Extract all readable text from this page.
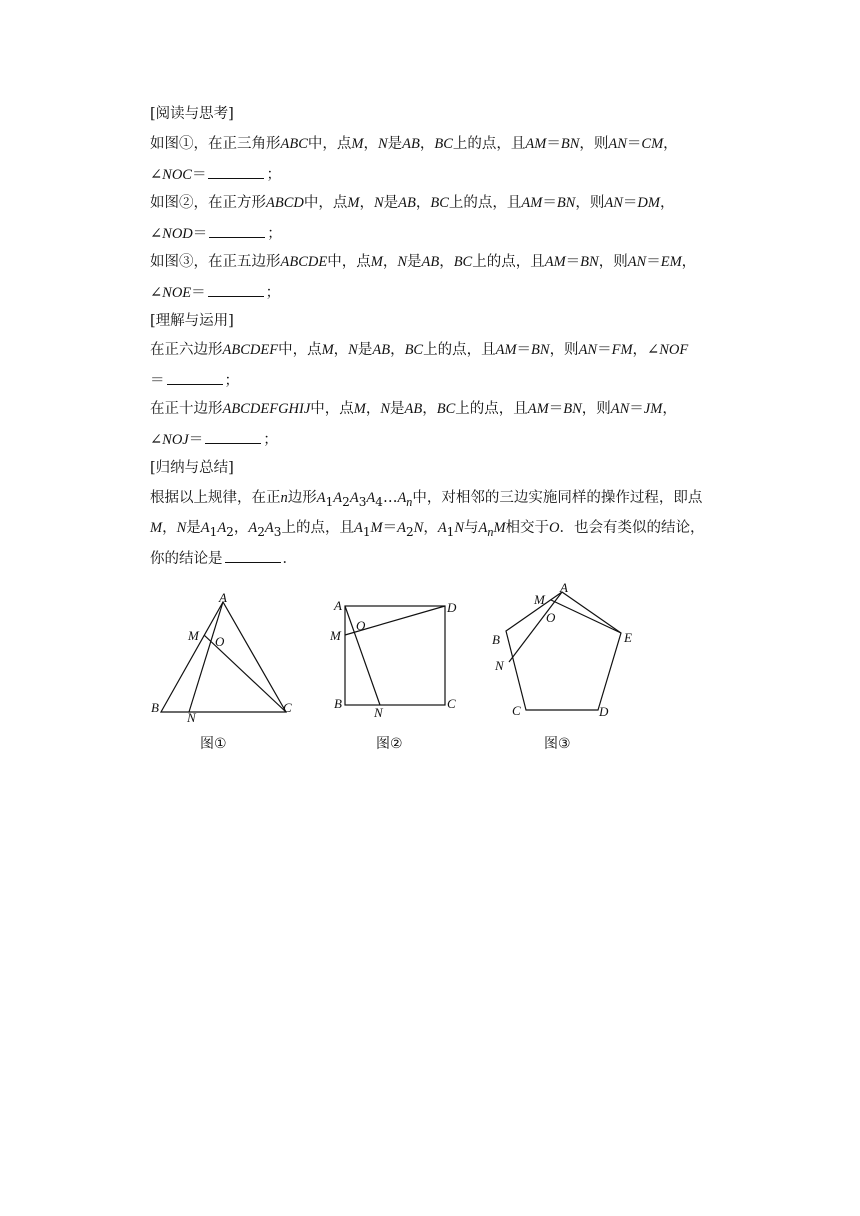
[阅读与思考]
如图①，在正三角形ABC中，点M，N是AB，BC上的点，且AM＝BN，则AN＝CM，
∠NOC＝	；
如图②，在正方形ABCD中，点M，N是AB，BC上的点，且AM＝BN，则AN＝DM，
∠NOD＝	；
如图③，在正五边形ABCDE中，点M，N是AB，BC上的点，且AM＝BN，则AN＝EM，
∠NOE＝	；
[理解与运用]
在正六边形ABCDEF中，点M，N是AB，BC上的点，且AM＝BN，则AN＝FM，∠NOF
＝	；
在正十边形ABCDEFGHIJ中，点M，N是AB，BC上的点，且AM＝BN，则AN＝JM，
∠NOJ＝	；
[归纳与总结]
根据以上规律，在正n边形$A_1A_2A_3A_4\dots A_n$中，对相邻的三边实施同样的操作过程，即点
M，N是$A_1A_2$，$A_2A_3$上的点，且$A_1M=A_2N$，$A_1N$与$A_nM$相交于O．也会有类似的结论，
你的结论是	．
A
M O
B
N
C
图①
A	D
M
O
B
N
C
图②
A
M
O
B	E
N
C	D
图③
